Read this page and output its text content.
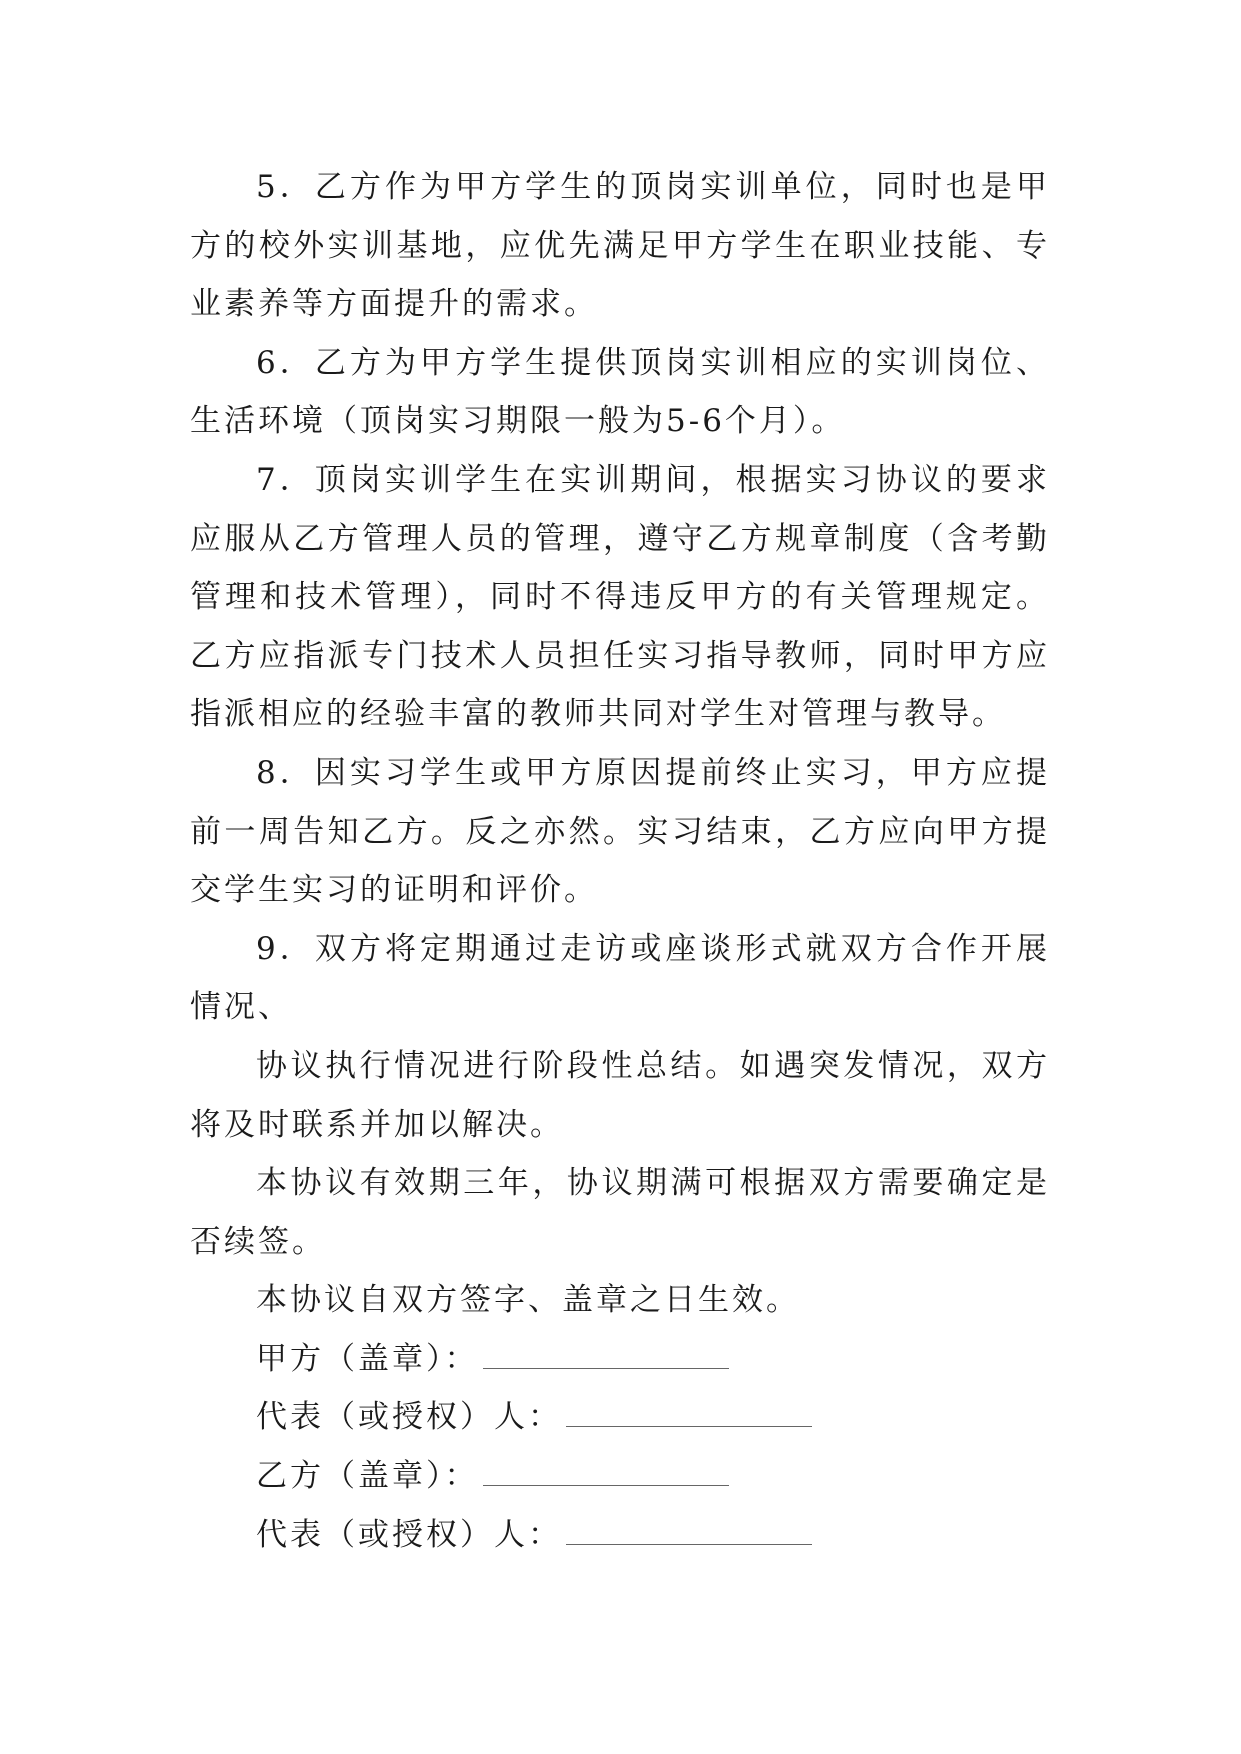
5．乙方作为甲方学生的顶岗实训单位，同时也是甲方的校外实训基地，应优先满足甲方学生在职业技能、专业素养等方面提升的需求。

6．乙方为甲方学生提供顶岗实训相应的实训岗位、生活环境（顶岗实习期限一般为5-6个月）。

7．顶岗实训学生在实训期间，根据实习协议的要求应服从乙方管理人员的管理，遵守乙方规章制度（含考勤管理和技术管理），同时不得违反甲方的有关管理规定。乙方应指派专门技术人员担任实习指导教师，同时甲方应指派相应的经验丰富的教师共同对学生对管理与教导。

8．因实习学生或甲方原因提前终止实习，甲方应提前一周告知乙方。反之亦然。实习结束，乙方应向甲方提交学生实习的证明和评价。

9．双方将定期通过走访或座谈形式就双方合作开展情况、

协议执行情况进行阶段性总结。如遇突发情况，双方将及时联系并加以解决。

本协议有效期三年，协议期满可根据双方需要确定是否续签。

本协议自双方签字、盖章之日生效。

甲方（盖章）：

代表（或授权）人：

乙方（盖章）：

代表（或授权）人：
